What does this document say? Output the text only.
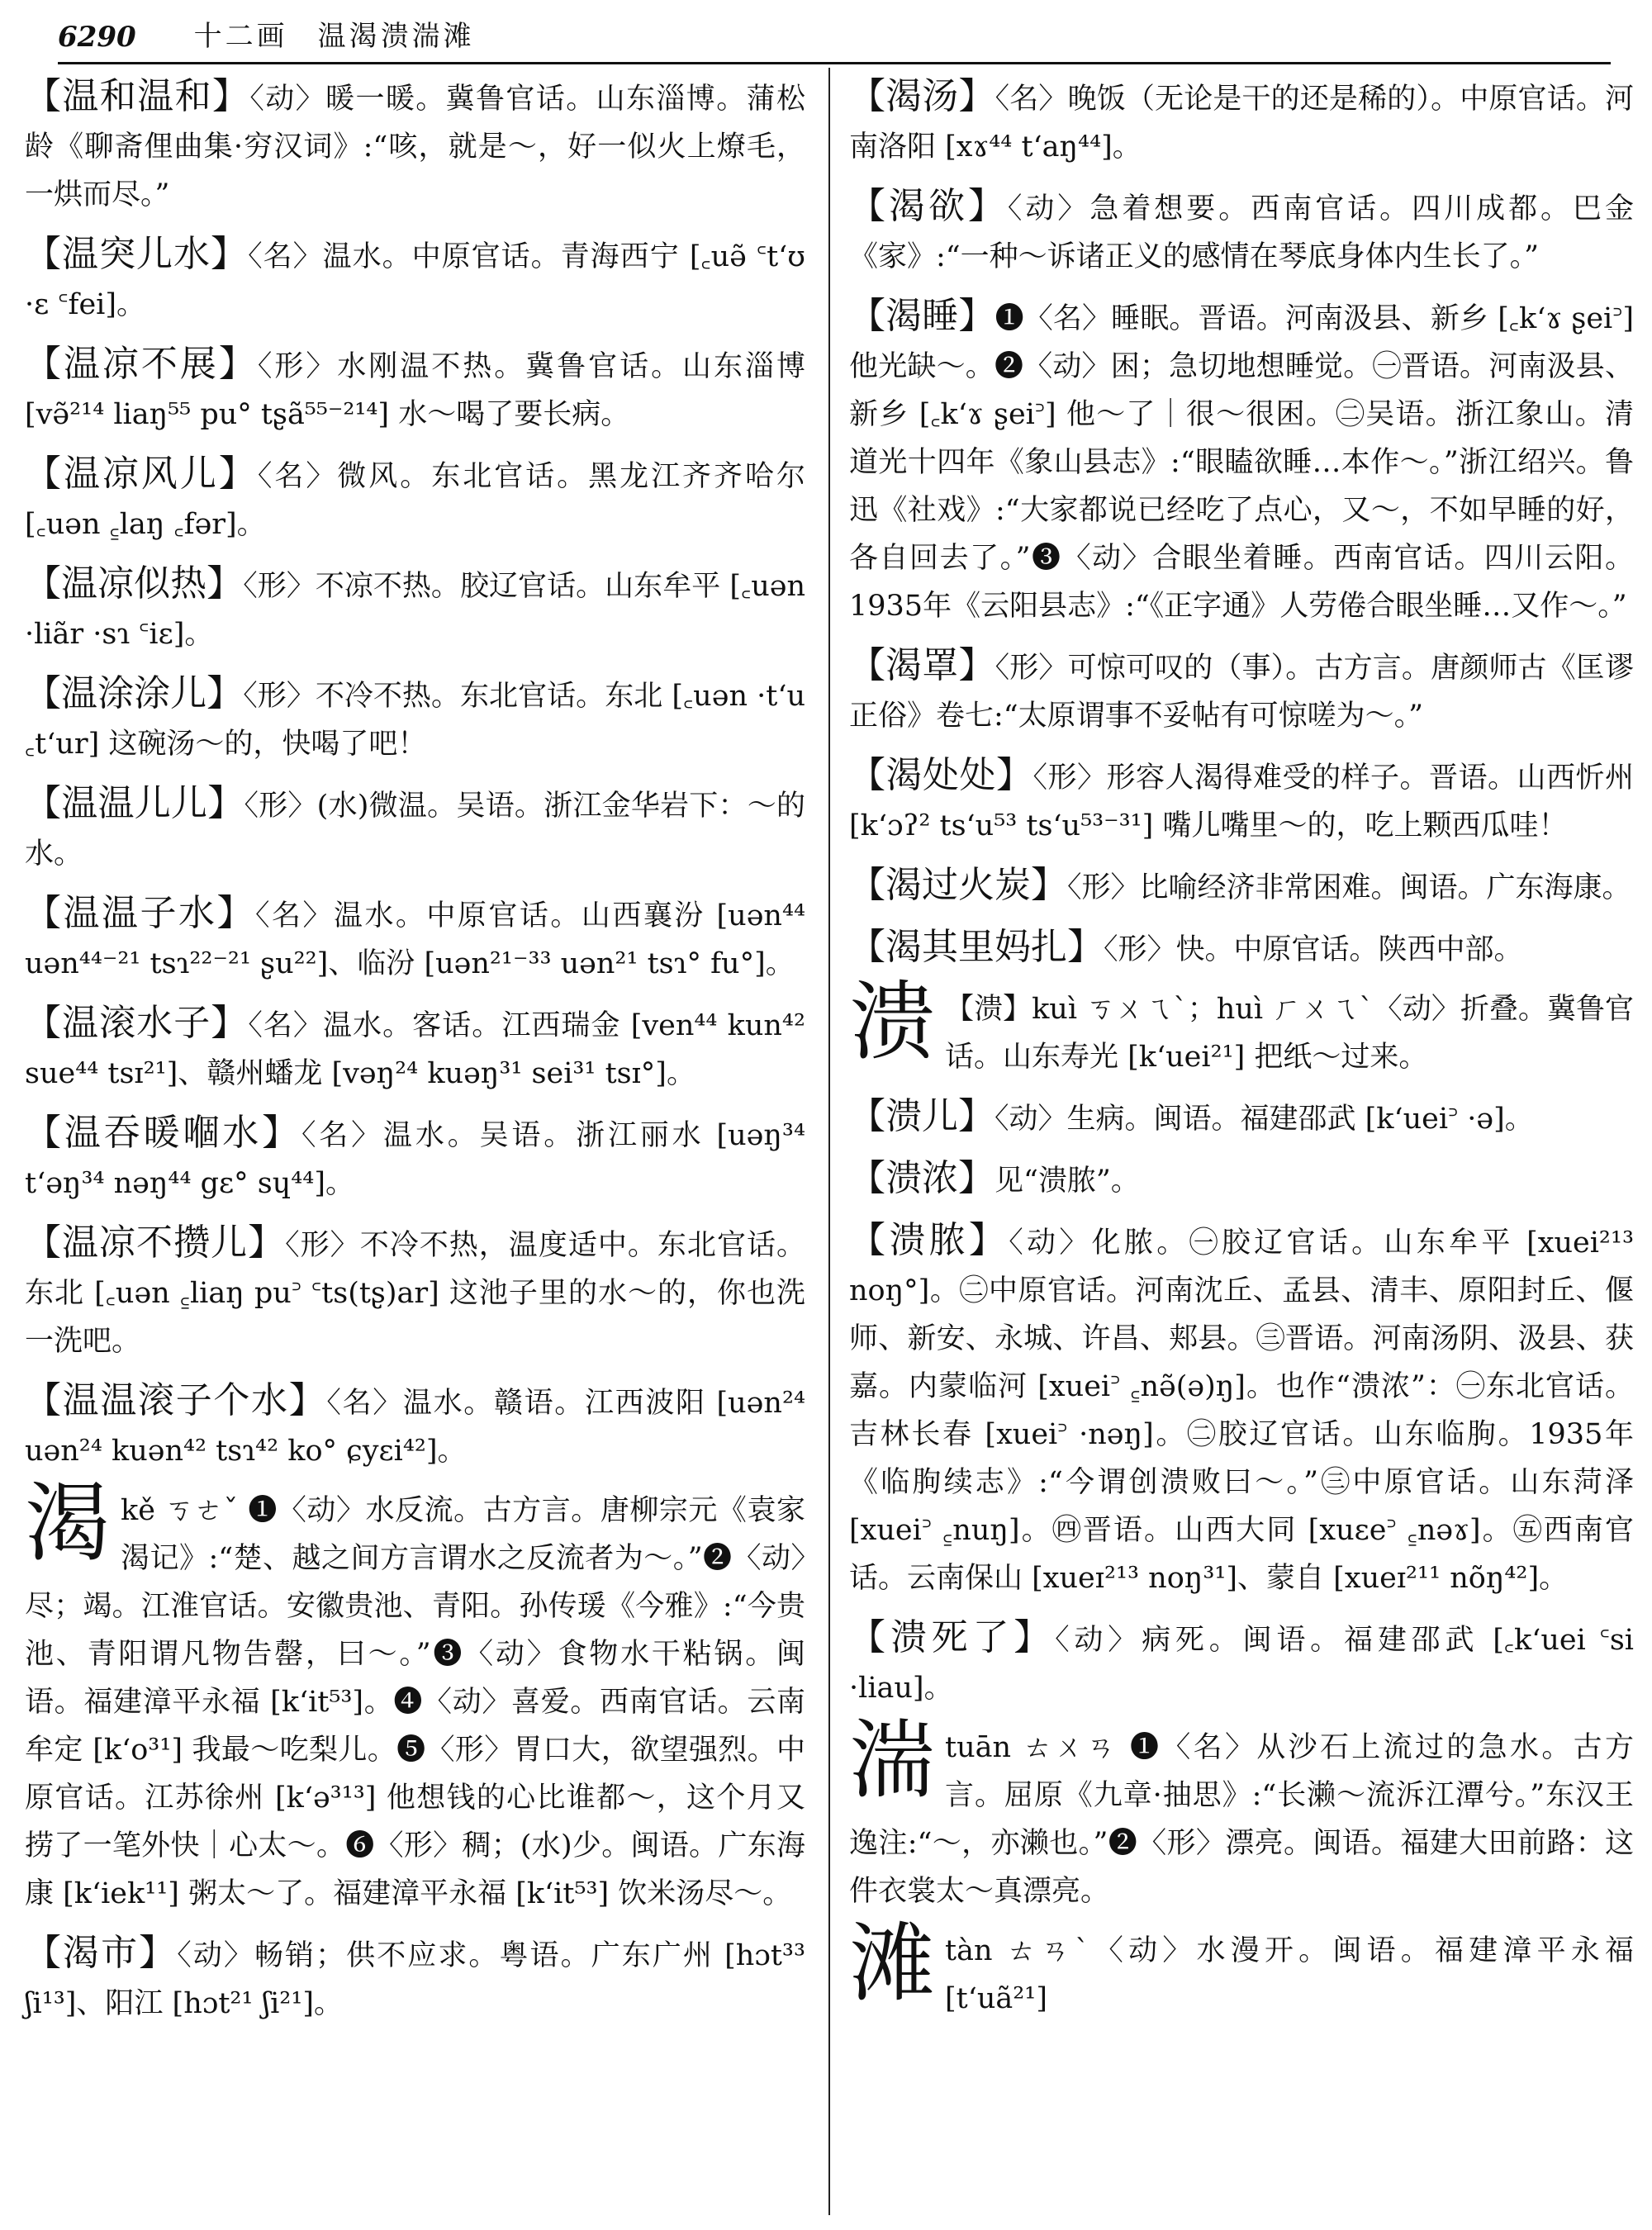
6290 十二画 温渴溃湍滩
【温和温和】〈动〉暖一暖。冀鲁官话。山东淄博。蒲松龄《聊斋俚曲集·穷汉词》:“咳，就是～，好一似火上燎毛，一烘而尽。”
【温突儿水】〈名〉温水。中原官话。青海西宁 [꜀uə̃ ꜂tʻʊ ·ɛ ꜂fei]。
【温凉不展】〈形〉水刚温不热。冀鲁官话。山东淄博 [və̃²¹⁴ liaŋ⁵⁵ pu° tʂã⁵⁵⁻²¹⁴] 水～喝了要长病。
【温凉风儿】〈名〉微风。东北官话。黑龙江齐齐哈尔 [꜀uən ꜁laŋ ꜀fər]。
【温凉似热】〈形〉不凉不热。胶辽官话。山东牟平 [꜀uən ·liãr ·sɿ ꜂iɛ]。
【温涂涂儿】〈形〉不冷不热。东北官话。东北 [꜀uən ·tʻu ꜀tʻur] 这碗汤～的，快喝了吧！
【温温儿儿】〈形〉(水)微温。吴语。浙江金华岩下：～的水。
【温温子水】〈名〉温水。中原官话。山西襄汾 [uən⁴⁴ uən⁴⁴⁻²¹ tsɿ²²⁻²¹ ʂu²²]、临汾 [uən²¹⁻³³ uən²¹ tsɿ° fu°]。
【温滚水子】〈名〉温水。客话。江西瑞金 [ven⁴⁴ kun⁴² sue⁴⁴ tsɪ²¹]、赣州蟠龙 [vəŋ²⁴ kuəŋ³¹ sei³¹ tsɪ°]。
【温吞暖嗰水】〈名〉温水。吴语。浙江丽水 [uəŋ³⁴ tʻəŋ³⁴ nəŋ⁴⁴ gɛ° sɥ⁴⁴]。
【温凉不攒儿】〈形〉不冷不热，温度适中。东北官话。东北 [꜀uən ꜁liaŋ pu꜄ ꜂ts(tʂ)ar] 这池子里的水～的，你也洗一洗吧。
【温温滚子个水】〈名〉温水。赣语。江西波阳 [uən²⁴ uən²⁴ kuən⁴² tsɿ⁴² ko° ɕyɛi⁴²]。
渴 kě ㄎㄜˇ ❶〈动〉水反流。古方言。唐柳宗元《袁家渴记》:“楚、越之间方言谓水之反流者为～。”❷〈动〉尽；竭。江淮官话。安徽贵池、青阳。孙传瑗《今雅》:“今贵池、青阳谓凡物告罄，曰～。”❸〈动〉食物水干粘锅。闽语。福建漳平永福 [kʻit⁵³]。❹〈动〉喜爱。西南官话。云南牟定 [kʻo³¹] 我最～吃梨儿。❺〈形〉胃口大，欲望强烈。中原官话。江苏徐州 [kʻə³¹³] 他想钱的心比谁都～，这个月又捞了一笔外快｜心太～。❻〈形〉稠；(水)少。闽语。广东海康 [kʻiek¹¹] 粥太～了。福建漳平永福 [kʻit⁵³] 饮米汤尽～。
【渴市】〈动〉畅销；供不应求。粤语。广东广州 [hɔt³³ ʃi¹³]、阳江 [hɔt²¹ ʃi²¹]。
【渴汤】〈名〉晚饭（无论是干的还是稀的）。中原官话。河南洛阳 [xɤ⁴⁴ tʻaŋ⁴⁴]。
【渴欲】〈动〉急着想要。西南官话。四川成都。巴金《家》:“一种～诉诸正义的感情在琴底身体内生长了。”
【渴睡】❶〈名〉睡眠。晋语。河南汲县、新乡 [꜀kʻɤ ʂei꜄] 他光缺～。❷〈动〉困；急切地想睡觉。㊀晋语。河南汲县、新乡 [꜀kʻɤ ʂei꜄] 他～了｜很～很困。㊁吴语。浙江象山。清道光十四年《象山县志》:“眼瞌欲睡…本作～。”浙江绍兴。鲁迅《社戏》:“大家都说已经吃了点心，又～，不如早睡的好，各自回去了。”❸〈动〉合眼坐着睡。西南官话。四川云阳。1935年《云阳县志》:“《正字通》人劳倦合眼坐睡…又作～。”
【渴罩】〈形〉可惊可叹的（事）。古方言。唐颜师古《匡谬正俗》卷七:“太原谓事不妥帖有可惊嗟为～。”
【渴处处】〈形〉形容人渴得难受的样子。晋语。山西忻州 [kʻɔʔ² tsʻu⁵³ tsʻu⁵³⁻³¹] 嘴儿嘴里～的，吃上颗西瓜哇！
【渴过火炭】〈形〉比喻经济非常困难。闽语。广东海康。
【渴其里妈扎】〈形〉快。中原官话。陕西中部。
溃 【溃】kuì ㄎㄨㄟˋ；huì ㄏㄨㄟˋ〈动〉折叠。冀鲁官话。山东寿光 [kʻuei²¹] 把纸～过来。
【溃儿】〈动〉生病。闽语。福建邵武 [kʻuei꜄ ·ə]。
【溃浓】见“溃脓”。
【溃脓】〈动〉化脓。㊀胶辽官话。山东牟平 [xuei²¹³ noŋ°]。㊁中原官话。河南沈丘、孟县、清丰、原阳封丘、偃师、新安、永城、许昌、郏县。㊂晋语。河南汤阴、汲县、获嘉。内蒙临河 [xuei꜄ ꜁nə̃(ə)ŋ]。也作“溃浓”：㊀东北官话。吉林长春 [xuei꜄ ·nəŋ]。㊁胶辽官话。山东临朐。1935年《临朐续志》:“今谓创溃败曰～。”㊂中原官话。山东菏泽 [xuei꜄ ꜁nuŋ]。㊃晋语。山西大同 [xuɛe꜄ ꜁nəɤ]。㊄西南官话。云南保山 [xueɪ²¹³ noŋ³¹]、蒙自 [xueɪ²¹¹ nõŋ⁴²]。
【溃死了】〈动〉病死。闽语。福建邵武 [꜀kʻuei ꜂si ·liau]。
湍 tuān ㄊㄨㄢ ❶〈名〉从沙石上流过的急水。古方言。屈原《九章·抽思》:“长濑～流泝江潭兮。”东汉王逸注:“～，亦濑也。”❷〈形〉漂亮。闽语。福建大田前路：这件衣裳太～真漂亮。
滩 tàn ㄊㄢˋ〈动〉水漫开。闽语。福建漳平永福 [tʻuã²¹]
